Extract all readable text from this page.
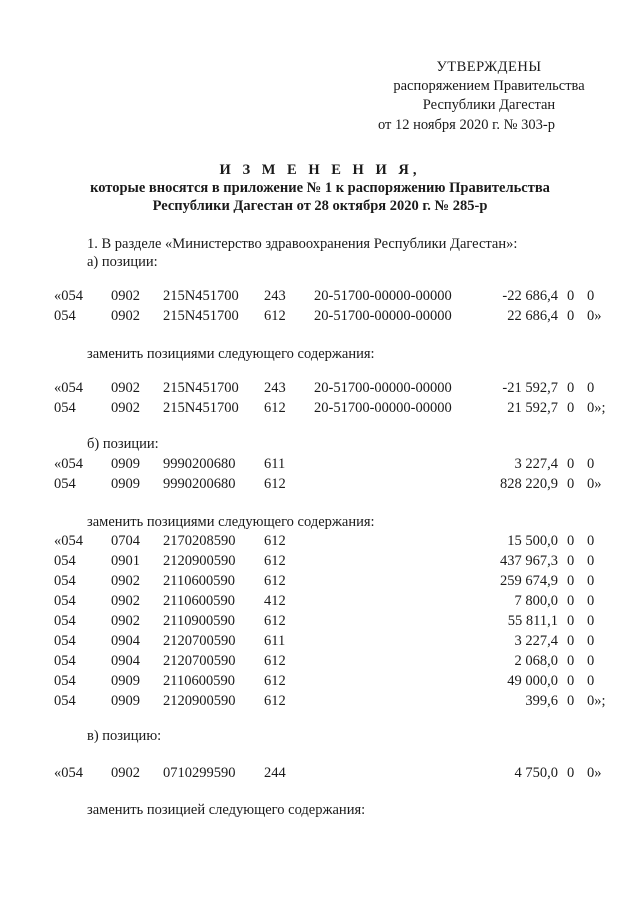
УТВЕРЖДЕНЫ
распоряжением Правительства
Республики Дагестан
от 12 ноября 2020 г. № 303-р
И З М Е Н Е Н И Я,
которые вносятся в приложение № 1 к распоряжению Правительства
Республики Дагестан от 28 октября 2020 г. № 285-р
1. В разделе «Министерство здравоохранения Республики Дагестан»:
а) позиции:
«054	0902 215N451700 243 20-51700-00000-00000	-22 686,4 0 0
054	0902 215N451700 612 20-51700-00000-00000	22 686,4 0 0»
заменить позициями следующего содержания:
«054	0902 215N451700 243 20-51700-00000-00000	-21 592,7 0 0
054	0902 215N451700 612 20-51700-00000-00000	21 592,7 0 0»;
б) позиции:
«054	0909 9990200680 611	3 227,4 0 0
054	0909 9990200680 612	828 220,9 0 0»
заменить позициями следующего содержания:
«054	0704 2170208590 612	15 500,0 0 0
054	0901 2120900590 612	437 967,3 0 0
054	0902 2110600590 612	259 674,9 0 0
054	0902 2110600590 412	7 800,0 0 0
054	0902 2110900590 612	55 811,1 0 0
054	0904 2120700590 611	3 227,4 0 0
054	0904 2120700590 612	2 068,0 0 0
054	0909 2110600590 612	49 000,0 0 0
054	0909 2120900590 612	399,6 0 0»;
в) позицию:
«054	0902 0710299590 244	4 750,0 0 0»
заменить позицией следующего содержания:
